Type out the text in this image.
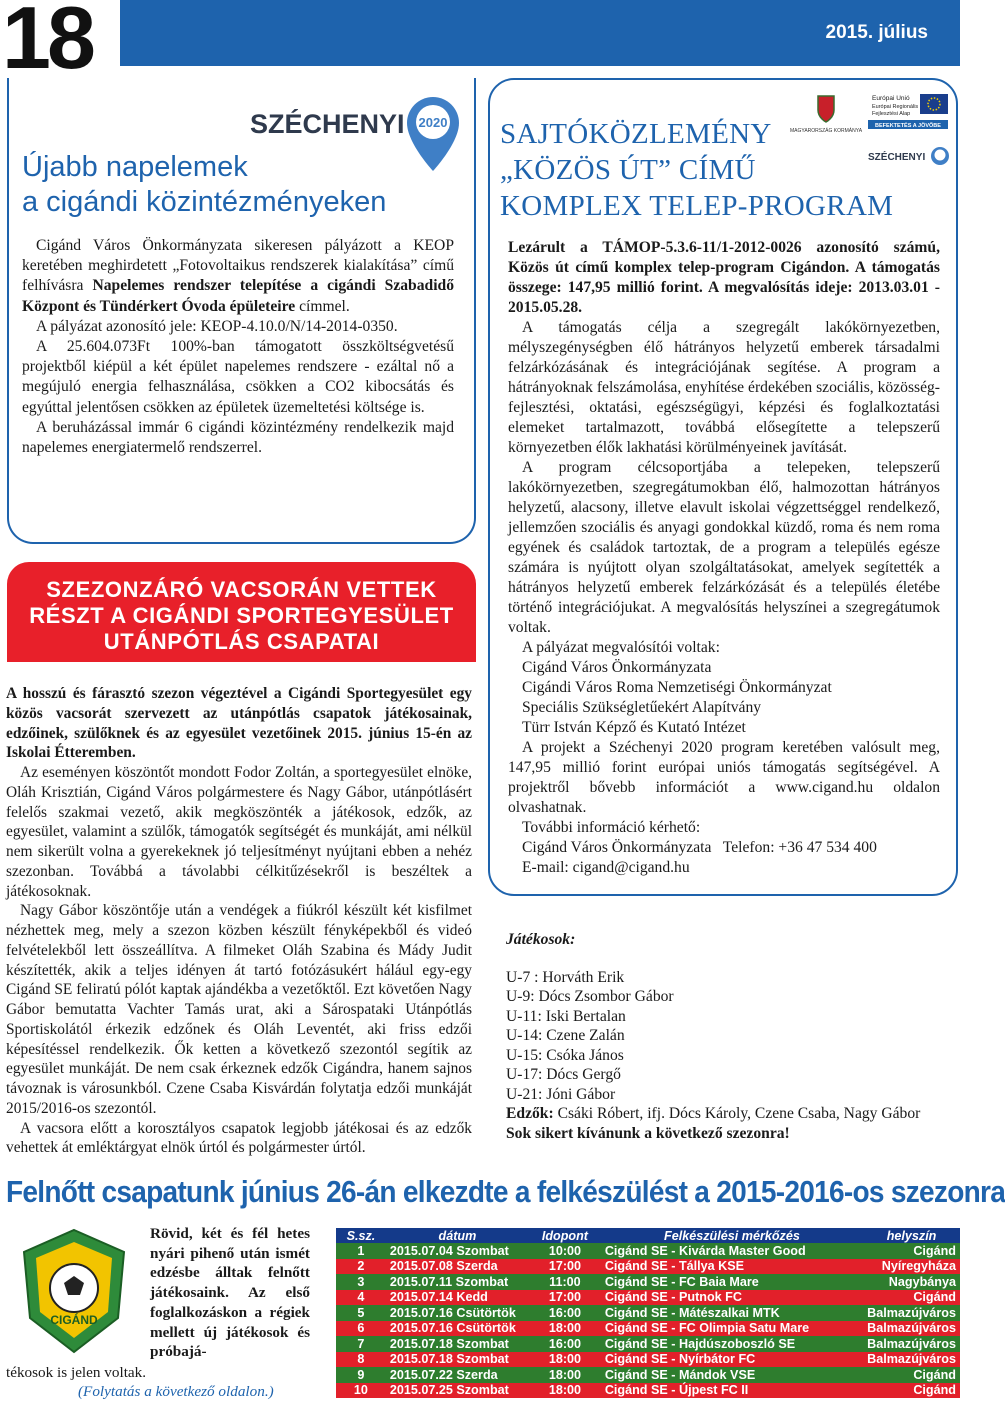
18	2015. július
SZÉCHENYI 2020
Újabb napelemek
a cigándi közintézményeken

Cigánd Város Önkormányzata sikeresen pályázott a KEOP keretében meghirdetett „Fotovoltaikus rendszerek kialakítása” című felhívásra Napelemes rendszer telepítése a cigándi Szabadidő Központ és Tündérkert Óvoda épületeire címmel.

A pályázat azonosító jele: KEOP-4.10.0/N/14-2014-0350.

A 25.604.073Ft 100%-ban támogatott összköltségvetésű projektből kiépül a két épület napelemes rendszere - ezáltal nő a megújuló energia felhasználása, csökken a CO2 kibocsátás és egyúttal jelentősen csökken az épületek üzemeltetési költsége is.

A beruházással immár 6 cigándi közintézmény rendelkezik majd napelemes energiatermelő rendszerrel.

SZEZONZÁRÓ VACSORÁN VETTEK
RÉSZT A CIGÁNDI SPORTEGYESÜLET
UTÁNPÓTLÁS CSAPATAI

A hosszú és fárasztó szezon végeztével a Cigándi Sportegyesület egy közös vacsorát szervezett az utánpótlás csapatok játékosainak, edzőinek, szülőknek és az egyesület vezetőinek 2015. június 15-én az Iskolai Étteremben.

Az eseményen köszöntőt mondott Fodor Zoltán, a sportegyesület elnöke, Oláh Krisztián, Cigánd Város polgármestere és Nagy Gábor, utánpótlásért felelős szakmai vezető, akik megköszönték a játékosok, edzők, az egyesület, valamint a szülők, támogatók segítségét és munkáját, ami nélkül nem sikerült volna a gyerekeknek jó teljesítményt nyújtani ebben a nehéz szezonban. Továbbá a távolabbi célkitűzésekről is beszéltek a játékosoknak.

Nagy Gábor köszöntője után a vendégek a fiúkról készült két kisfilmet nézhettek meg, mely a szezon közben készült fényképekből és videó felvételekből lett összeállítva. A filmeket Oláh Szabina és Mády Judit készítették, akik a teljes idényen át tartó fotózásukért hálául egy-egy Cigánd SE feliratú pólót kaptak ajándékba a vezetőktől. Ezt követően Nagy Gábor bemutatta Vachter Tamás urat, aki a Sárospataki Utánpótlás Sportiskolától érkezik edzőnek és Oláh Leventét, aki friss edzői képesítéssel rendelkezik. Ők ketten a következő szezontól segítik az egyesület munkáját. De nem csak érkeznek edzők Cigándra, hanem sajnos távoznak is városunkból. Czene Csaba Kisvárdán folytatja edzői munkáját 2015/2016-os szezontól.

A vacsora előtt a korosztályos csapatok legjobb játékosai és az edzők vehettek át emléktárgyat elnök úrtól és polgármester úrtól.

MAGYARORSZÁG KORMÁNYA
Európai Unió
Európai Regionális
Fejlesztési Alap
BEFEKTETÉS A JÖVŐBE
SZÉCHENYI
SAJTÓKÖZLEMÉNY
„KÖZÖS ÚT” CÍMŰ
KOMPLEX TELEP-PROGRAM

Lezárult a TÁMOP-5.3.6-11/1-2012-0026 azonosító számú, Közös út című komplex telep-program Cigándon. A támogatás összege: 147,95 millió forint. A megvalósítás ideje: 2013.03.01 - 2015.05.28.

A támogatás célja a szegregált lakókörnyezetben, mélyszegénységben élő hátrányos helyzetű emberek társadalmi felzárkózásának és integrációjának segítése. A program a hátrányoknak felszámolása, enyhítése érdekében szociális, közösség-fejlesztési, oktatási, egészségügyi, képzési és foglalkoztatási elemeket tartalmazott, továbbá elősegítette a telepszerű környezetben élők lakhatási körülményeinek javítását.

A program célcsoportjába a telepeken, telepszerű lakókörnyezetben, szegregátumokban élő, halmozottan hátrányos helyzetű, alacsony, illetve elavult iskolai végzettséggel rendelkező, jellemzően szociális és anyagi gondokkal küzdő, roma és nem roma egyének és családok tartoztak, de a program a település egésze számára is nyújtott olyan szolgáltatásokat, amelyek segítették a hátrányos helyzetű emberek felzárkózását és a település életébe történő integrációjukat. A megvalósítás helyszínei a szegregátumok voltak.

A pályázat megvalósítói voltak:

Cigánd Város Önkormányzata

Cigándi Város Roma Nemzetiségi Önkormányzat

Speciális Szükségletűekért Alapítvány

Türr István Képző és Kutató Intézet

A projekt a Széchenyi 2020 program keretében valósult meg, 147,95 millió forint európai uniós támogatás segítségével. A projektről bővebb információt a www.cigand.hu oldalon olvashatnak.

További információ kérhető:

Cigánd Város Önkormányzata   Telefon: +36 47 534 400

E-mail: cigand@cigand.hu

Játékosok:
U-7 : Horváth Erik
U-9: Dócs Zsombor Gábor
U-11: Iski Bertalan
U-14: Czene Zalán
U-15: Csóka János
U-17: Dócs Gergő
U-21: Jóni Gábor
Edzők: Csáki Róbert, ifj. Dócs Károly, Czene Csaba, Nagy Gábor
Sok sikert kívánunk a következő szezonra!
Felnőtt csapatunk június 26-án elkezdte a felkészülést a 2015-2016-os szezonra
CIGÁND
Rövid, két és fél hetes nyári pihenő után ismét edzésbe álltak felnőtt játékosaink. Az első foglalkozáskon a régiek mellett új játékosok és próbajá-
tékosok is jelen voltak.
(Folytatás a következő oldalon.)
S.sz.	dátum	Idopont	Felkészülési mérkőzés	helyszín
1	2015.07.04 Szombat	10:00	Cigánd SE - Kivárda Master Good	Cigánd
2	2015.07.08 Szerda	17:00	Cigánd SE - Tállya KSE	Nyíregyháza
3	2015.07.11 Szombat	11:00	Cigánd SE - FC Baia Mare	Nagybánya
4	2015.07.14 Kedd	17:00	Cigánd SE - Putnok FC	Cigánd
5	2015.07.16 Csütörtök	16:00	Cigánd SE - Mátészalkai MTK	Balmazújváros
6	2015.07.16 Csütörtök	18:00	Cigánd SE - FC Olimpia Satu Mare	Balmazújváros
7	2015.07.18 Szombat	16:00	Cigánd SE - Hajdúszoboszló SE	Balmazújváros
8	2015.07.18 Szombat	18:00	Cigánd SE - Nyírbátor FC	Balmazújváros
9	2015.07.22 Szerda	18:00	Cigánd SE - Mándok VSE	Cigánd
10	2015.07.25 Szombat	18:00	Cigánd SE - Újpest FC II	Cigánd
